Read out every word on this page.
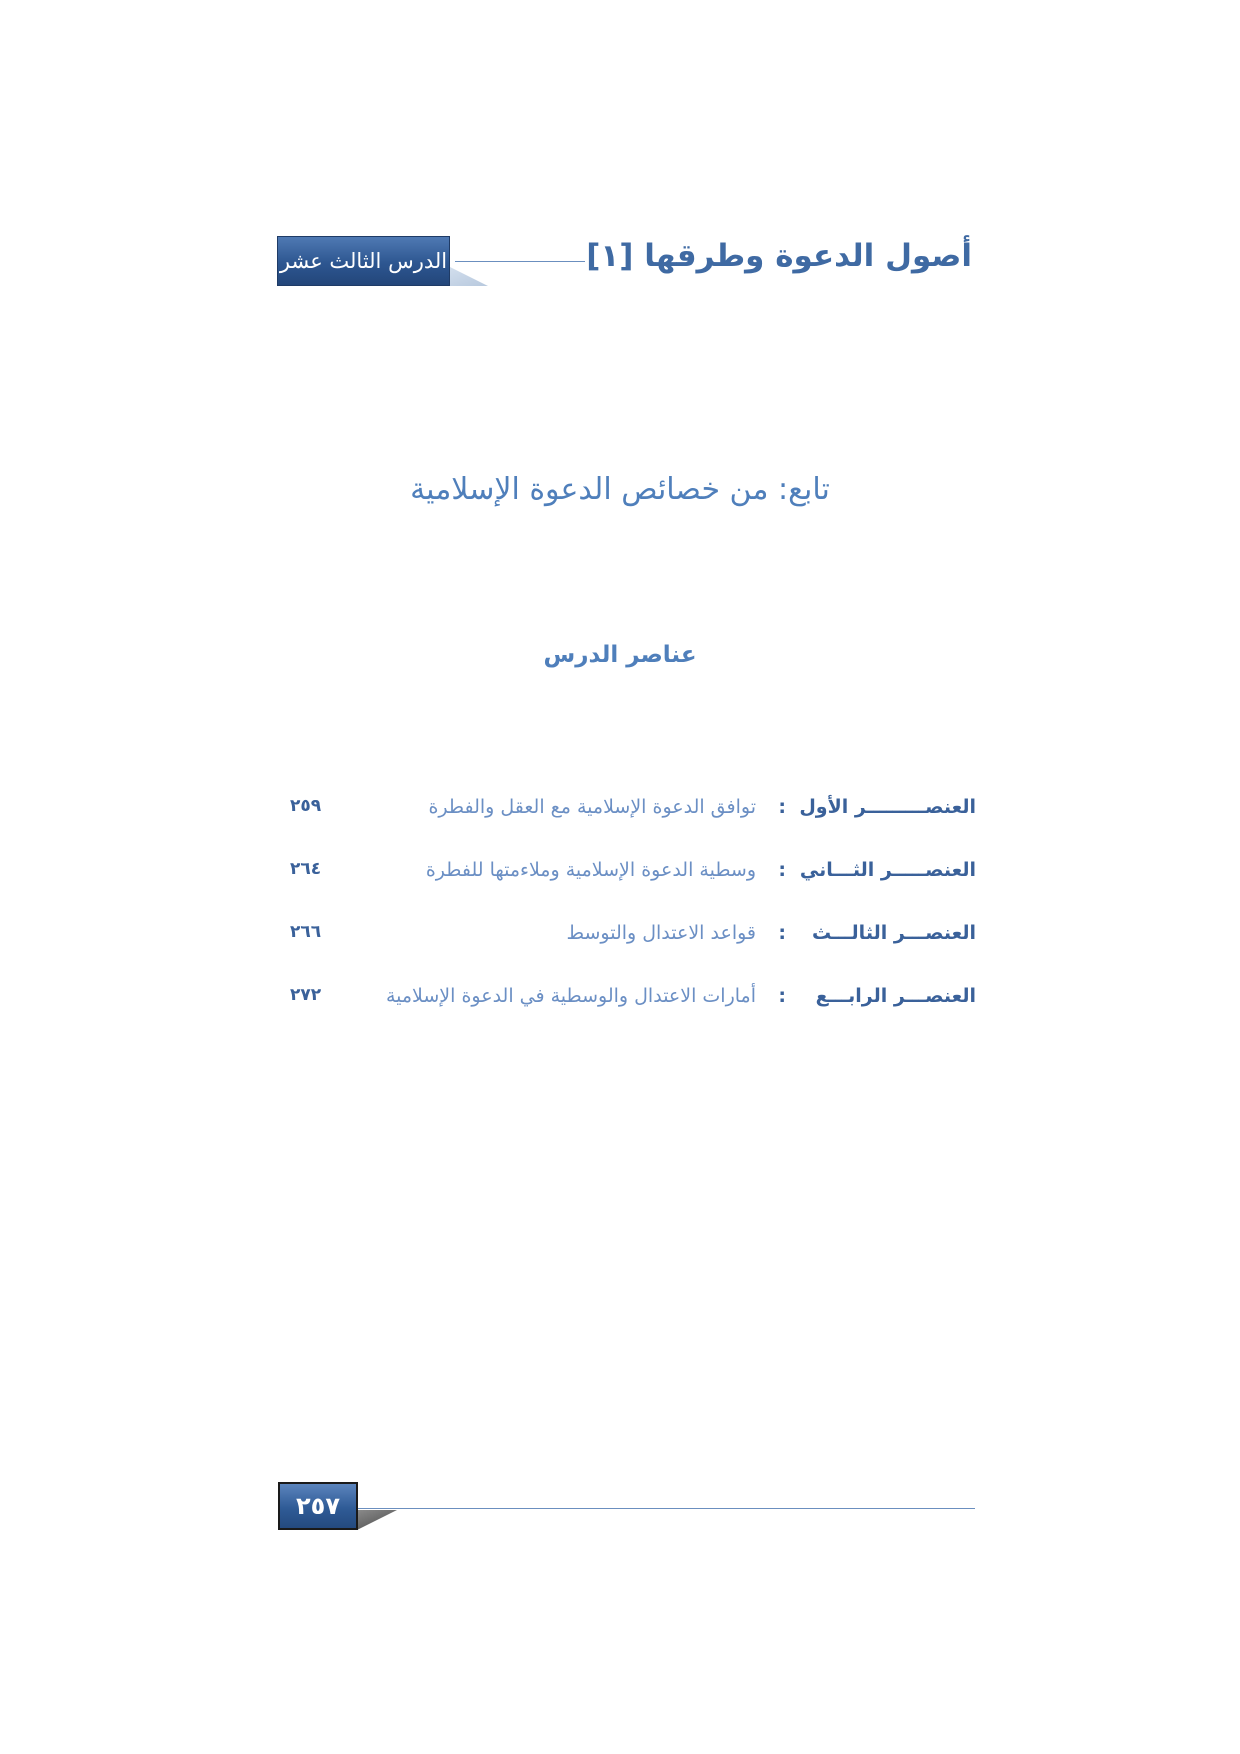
أصول الدعوة وطرقها [١]
الدرس الثالث عشر
تابع: من خصائص الدعوة الإسلامية
عناصر الدرس
العنصـــــــــر الأول
:
توافق الدعوة الإسلامية مع العقل والفطرة
٢٥٩
العنصـــــر الثـــاني
:
وسطية الدعوة الإسلامية وملاءمتها للفطرة
٢٦٤
العنصـــر الثالـــث
:
قواعد الاعتدال والتوسط
٢٦٦
العنصـــر الرابـــع
:
أمارات الاعتدال والوسطية في الدعوة الإسلامية
٢٧٢
٢٥٧
